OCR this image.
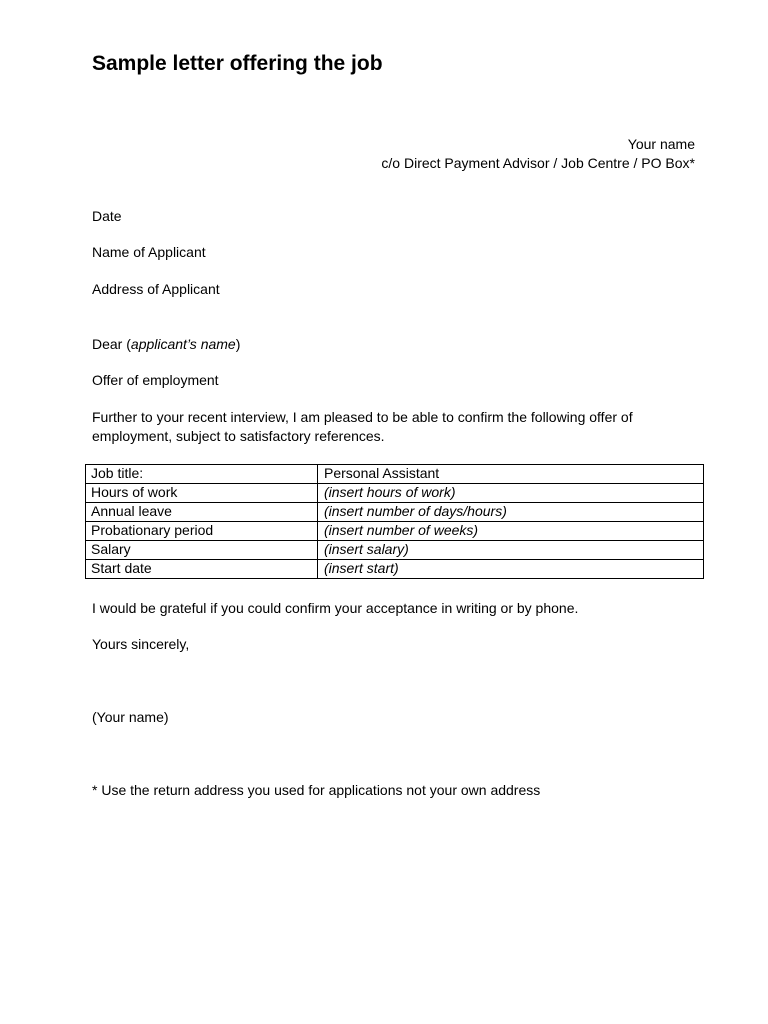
Sample letter offering the job
Your name
c/o Direct Payment Advisor / Job Centre / PO Box*
Date
Name of Applicant
Address of Applicant
Dear (applicant’s name)
Offer of employment
Further to your recent interview, I am pleased to be able to confirm the following offer of employment, subject to satisfactory references.
Job title:	Personal Assistant
Hours of work	(insert hours of work)
Annual leave	(insert number of days/hours)
Probationary period	(insert number of weeks)
Salary	(insert salary)
Start date	(insert start)
I would be grateful if you could confirm your acceptance in writing or by phone.
Yours sincerely,
(Your name)
* Use the return address you used for applications not your own address
